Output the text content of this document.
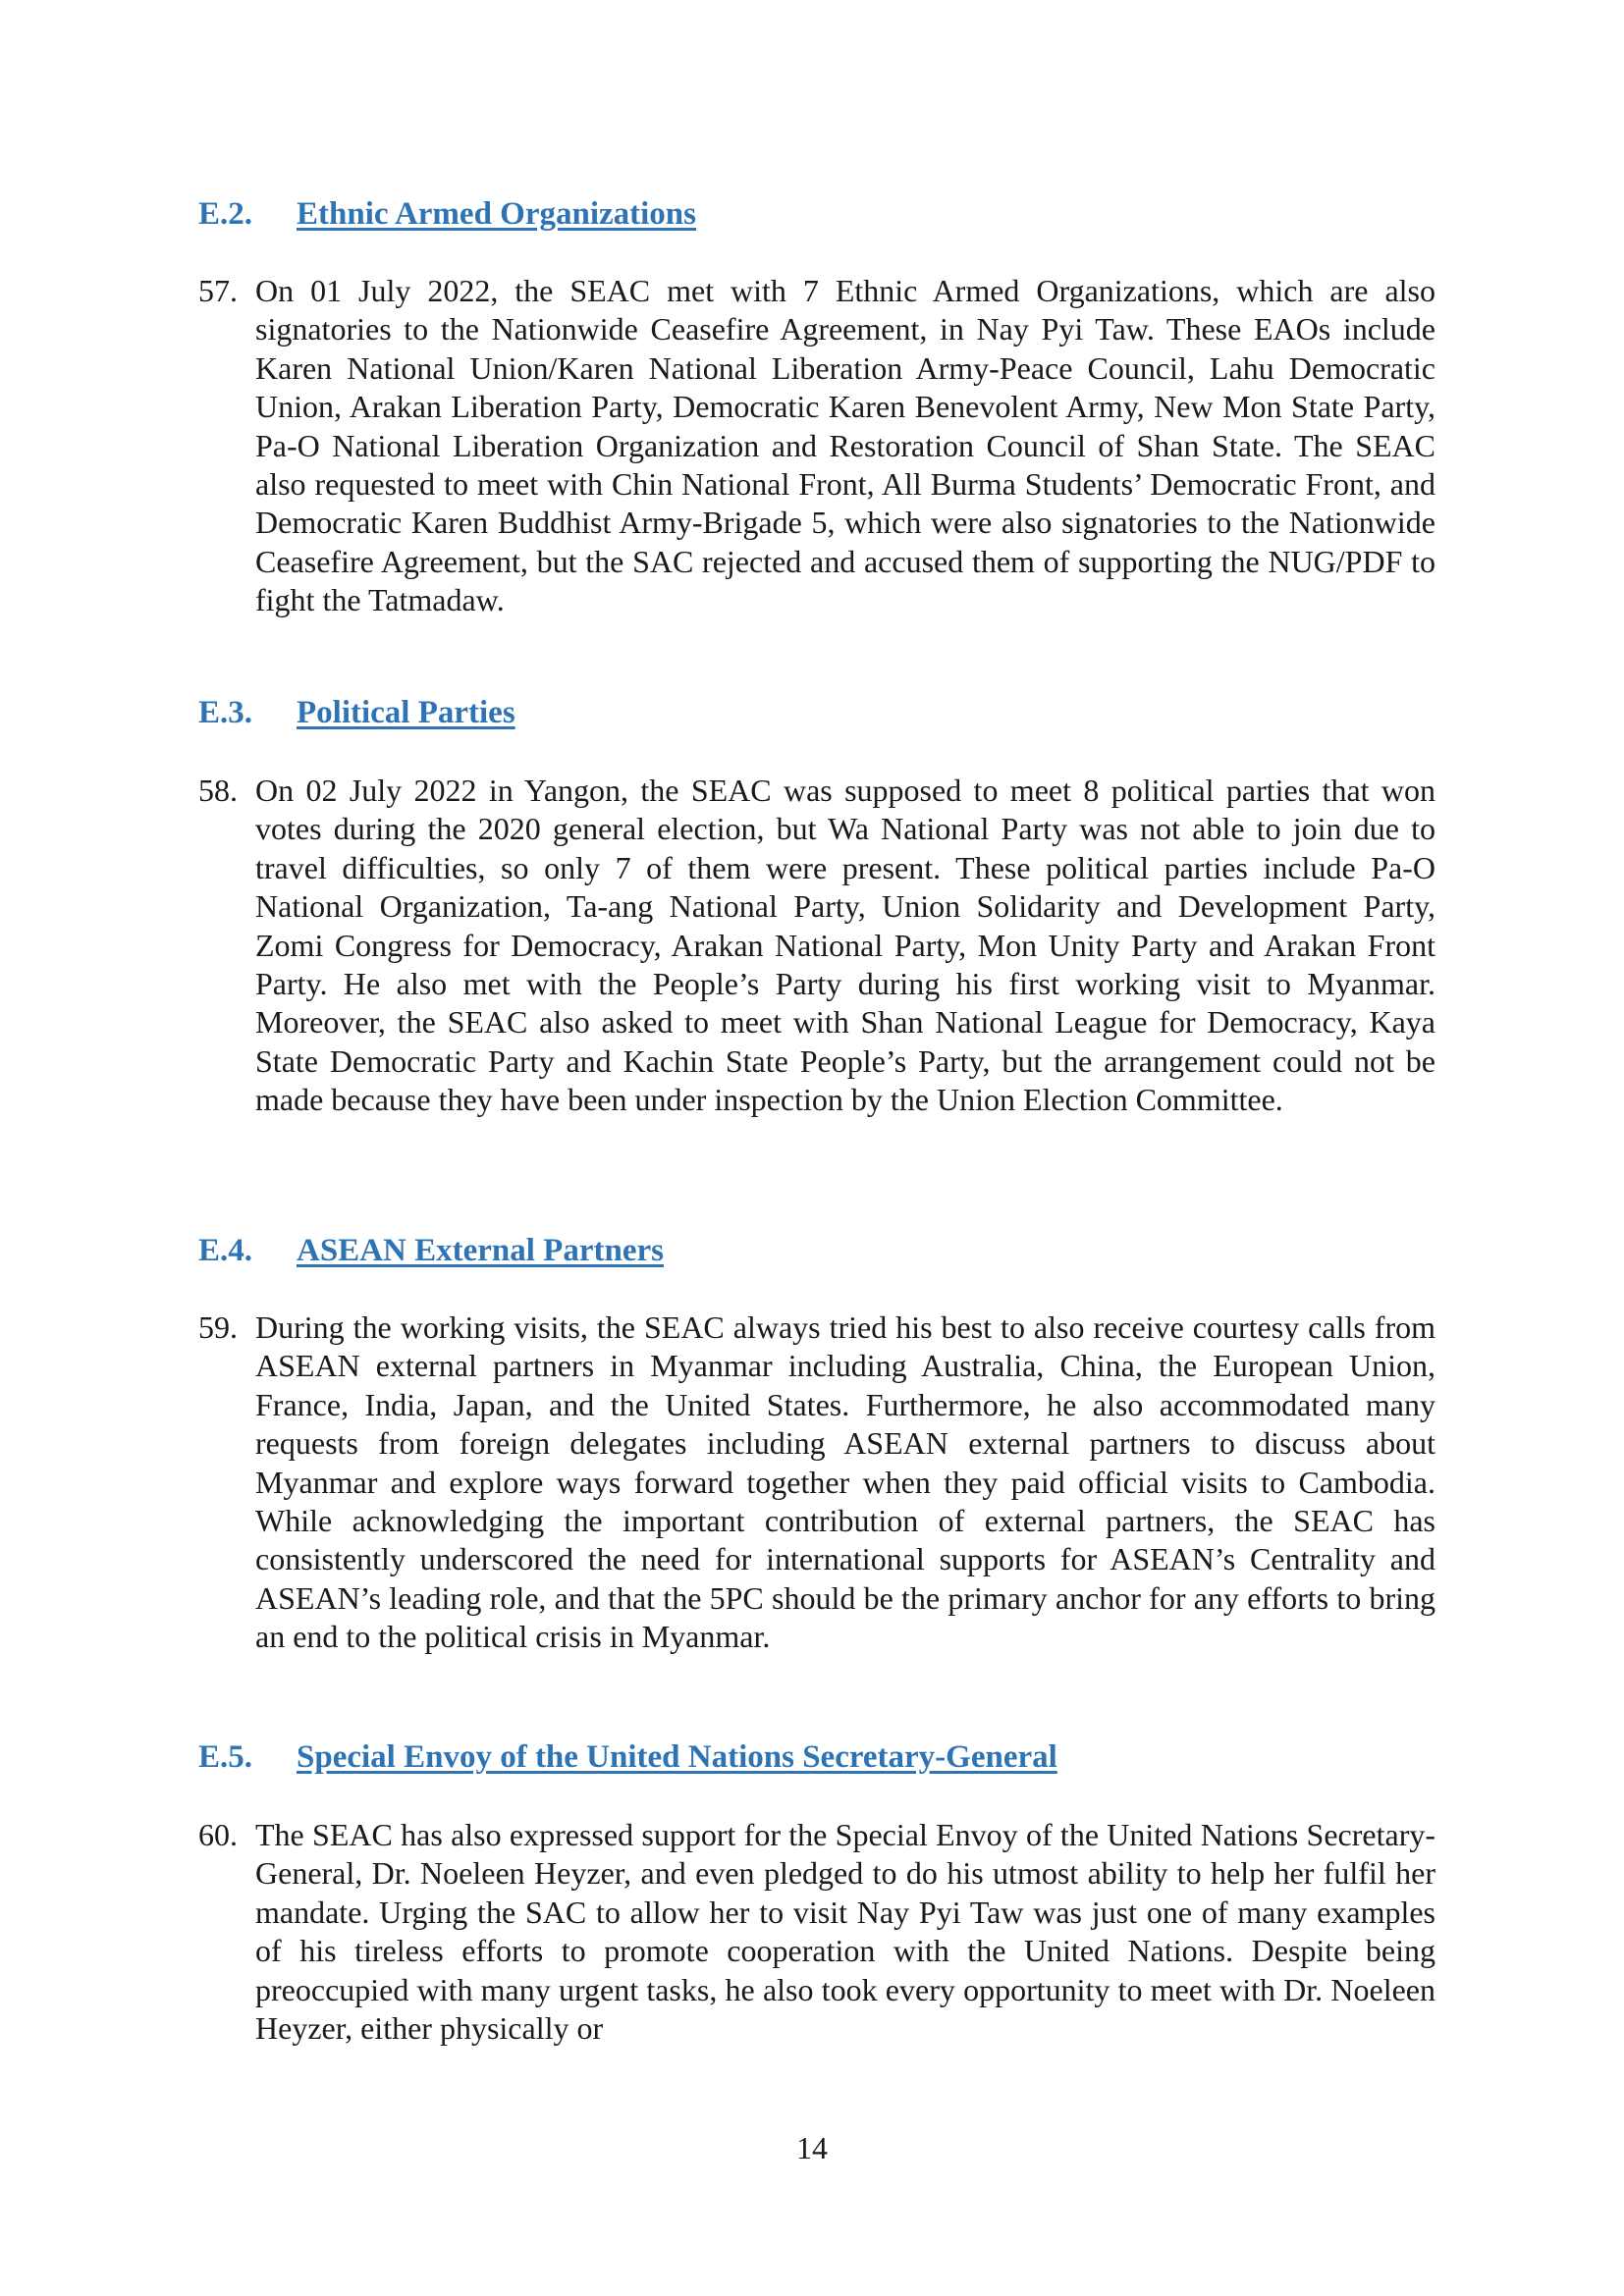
E.2. Ethnic Armed Organizations
57. On 01 July 2022, the SEAC met with 7 Ethnic Armed Organizations, which are also signatories to the Nationwide Ceasefire Agreement, in Nay Pyi Taw. These EAOs include Karen National Union/Karen National Liberation Army-Peace Council, Lahu Democratic Union, Arakan Liberation Party, Democratic Karen Benevolent Army, New Mon State Party, Pa-O National Liberation Organization and Restoration Council of Shan State. The SEAC also requested to meet with Chin National Front, All Burma Students’ Democratic Front, and Democratic Karen Buddhist Army-Brigade 5, which were also signatories to the Nationwide Ceasefire Agreement, but the SAC rejected and accused them of supporting the NUG/PDF to fight the Tatmadaw.
E.3. Political Parties
58. On 02 July 2022 in Yangon, the SEAC was supposed to meet 8 political parties that won votes during the 2020 general election, but Wa National Party was not able to join due to travel difficulties, so only 7 of them were present. These political parties include Pa-O National Organization, Ta-ang National Party, Union Solidarity and Development Party, Zomi Congress for Democracy, Arakan National Party, Mon Unity Party and Arakan Front Party. He also met with the People’s Party during his first working visit to Myanmar. Moreover, the SEAC also asked to meet with Shan National League for Democracy, Kaya State Democratic Party and Kachin State People’s Party, but the arrangement could not be made because they have been under inspection by the Union Election Committee.
E.4. ASEAN External Partners
59. During the working visits, the SEAC always tried his best to also receive courtesy calls from ASEAN external partners in Myanmar including Australia, China, the European Union, France, India, Japan, and the United States. Furthermore, he also accommodated many requests from foreign delegates including ASEAN external partners to discuss about Myanmar and explore ways forward together when they paid official visits to Cambodia. While acknowledging the important contribution of external partners, the SEAC has consistently underscored the need for international supports for ASEAN’s Centrality and ASEAN’s leading role, and that the 5PC should be the primary anchor for any efforts to bring an end to the political crisis in Myanmar.
E.5. Special Envoy of the United Nations Secretary-General
60. The SEAC has also expressed support for the Special Envoy of the United Nations Secretary-General, Dr. Noeleen Heyzer, and even pledged to do his utmost ability to help her fulfil her mandate. Urging the SAC to allow her to visit Nay Pyi Taw was just one of many examples of his tireless efforts to promote cooperation with the United Nations. Despite being preoccupied with many urgent tasks, he also took every opportunity to meet with Dr. Noeleen Heyzer, either physically or
14
